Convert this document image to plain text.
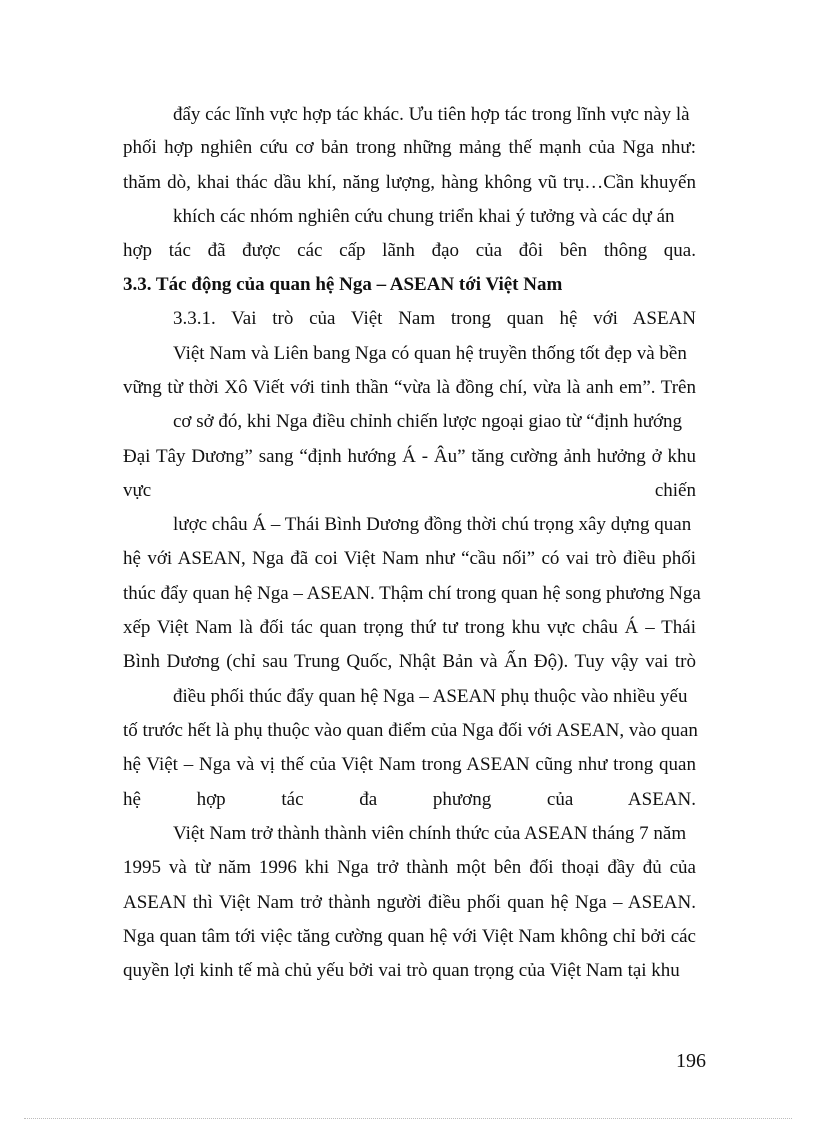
đẩy các lĩnh vực hợp tác khác. Ưu tiên hợp tác trong lĩnh vực này là
phối hợp nghiên cứu cơ bản trong những mảng thế mạnh của Nga như:
thăm dò, khai thác dầu khí, năng lượng, hàng không vũ trụ…Cần khuyến
khích các nhóm nghiên cứu chung triển khai ý tưởng và các dự án
hợp tác đã được các cấp lãnh đạo của đôi bên thông qua.
3.3. Tác động của quan hệ Nga – ASEAN tới Việt Nam
3.3.1. Vai trò của Việt Nam trong quan hệ với ASEAN
Việt Nam và Liên bang Nga có quan hệ truyền thống tốt đẹp và bền
vững từ thời Xô Viết với tinh thần “vừa là đồng chí, vừa là anh em”. Trên
cơ sở đó, khi Nga điều chỉnh chiến lược ngoại giao từ “định hướng
Đại Tây Dương” sang “định hướng Á - Âu” tăng cường ảnh hưởng ở khu
vực chiến
lược châu Á – Thái Bình Dương đồng thời chú trọng xây dựng quan
hệ với ASEAN, Nga đã coi Việt Nam như “cầu nối” có vai trò điều phối
thúc đẩy quan hệ Nga – ASEAN. Thậm chí trong quan hệ song phương Nga
xếp Việt Nam là đối tác quan trọng thứ tư trong khu vực châu Á – Thái
Bình Dương (chỉ sau Trung Quốc, Nhật Bản và Ấn Độ). Tuy vậy vai trò
điều phối thúc đẩy quan hệ Nga – ASEAN phụ thuộc vào nhiều yếu
tố trước hết là phụ thuộc vào quan điểm của Nga đối với ASEAN, vào quan
hệ Việt – Nga và vị thế của Việt Nam trong ASEAN cũng như trong quan
hệ hợp tác đa phương của ASEAN.
Việt Nam trở thành thành viên chính thức của ASEAN tháng 7 năm
1995 và từ năm 1996 khi Nga trở thành một bên đối thoại đầy đủ của
ASEAN thì Việt Nam trở thành người điều phối quan hệ Nga – ASEAN.
Nga quan tâm tới việc tăng cường quan hệ với Việt Nam không chỉ bởi các
quyền lợi kinh tế mà chủ yếu bởi vai trò quan trọng của Việt Nam tại khu
196
